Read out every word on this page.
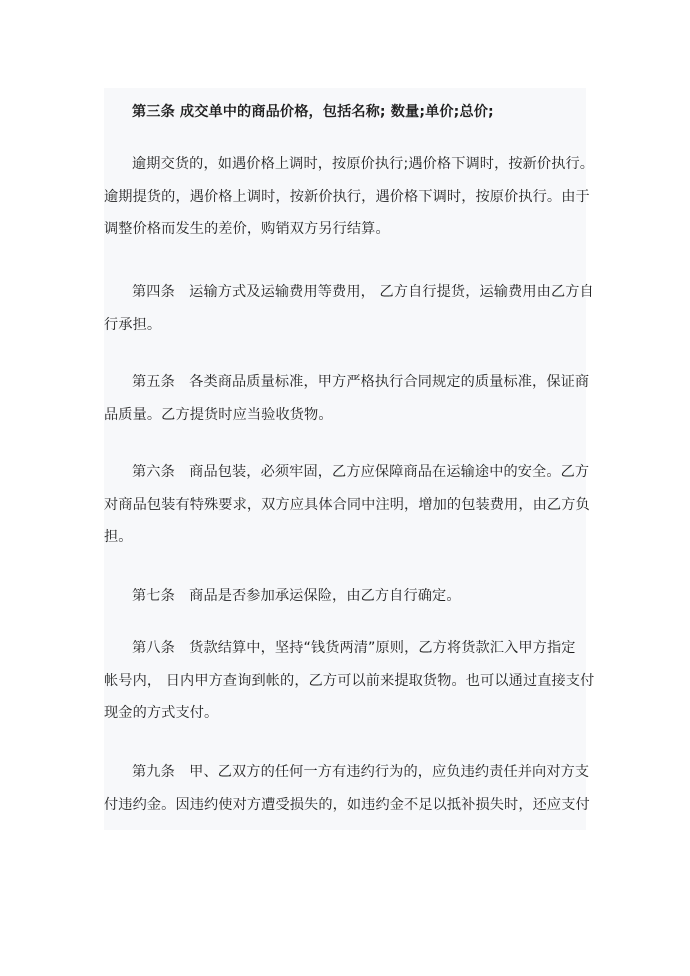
第三条 成交单中的商品价格，包括名称; 数量;单价;总价;

逾期交货的，如遇价格上调时，按原价执行;遇价格下调时，按新价执行。
逾期提货的，遇价格上调时，按新价执行，遇价格下调时，按原价执行。由于
调整价格而发生的差价，购销双方另行结算。

第四条　运输方式及运输费用等费用， 乙方自行提货，运输费用由乙方自
行承担。

第五条　各类商品质量标准，甲方严格执行合同规定的质量标准，保证商
品质量。乙方提货时应当验收货物。

第六条　商品包装，必须牢固，乙方应保障商品在运输途中的安全。乙方
对商品包装有特殊要求，双方应具体合同中注明，增加的包装费用，由乙方负
担。

第七条　商品是否参加承运保险，由乙方自行确定。

第八条　货款结算中，坚持“钱货两清”原则，乙方将货款汇入甲方指定
帐号内， 日内甲方查询到帐的，乙方可以前来提取货物。也可以通过直接支付
现金的方式支付。

第九条　甲、乙双方的任何一方有违约行为的，应负违约责任并向对方支
付违约金。因违约使对方遭受损失的，如违约金不足以抵补损失时，还应支付
